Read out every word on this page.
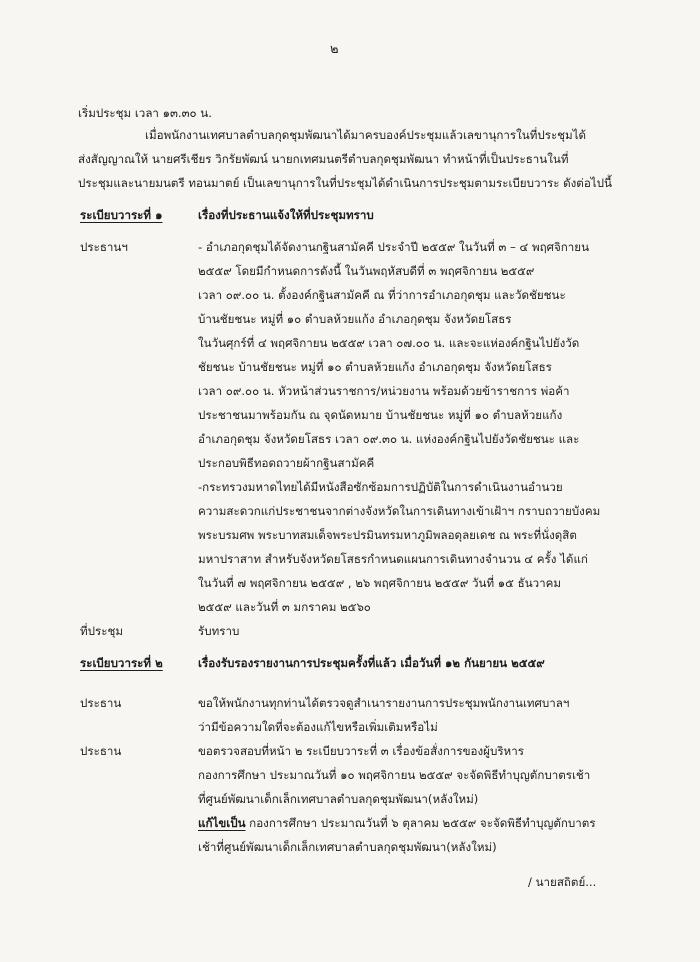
๒
เริ่มประชุม เวลา ๑๓.๓๐ น.
เมื่อพนักงานเทศบาลตำบลกุดชุมพัฒนาได้มาครบองค์ประชุมแล้วเลขานุการในที่ประชุมได้
ส่งสัญญาณให้ นายศรีเชียร วิกรัยพัฒน์ นายกเทศมนตรีตำบลกุดชุมพัฒนา ทำหน้าที่เป็นประธานในที่
ประชุมและนายมนตรี ทอนมาตย์ เป็นเลขานุการในที่ประชุมได้ดำเนินการประชุมตามระเบียบวาระ ดังต่อไปนี้
ระเบียบวาระที่ ๑	เรื่องที่ประธานแจ้งให้ที่ประชุมทราบ
ประธานฯ	- อำเภอกุดชุมได้จัดงานกฐินสามัคคี ประจำปี ๒๕๕๙ ในวันที่ ๓ – ๔ พฤศจิกายน
๒๕๕๙ โดยมีกำหนดการดังนี้ ในวันพฤหัสบดีที่ ๓ พฤศจิกายน ๒๕๕๙
เวลา ๐๙.๐๐ น. ตั้งองค์กฐินสามัคคี ณ ที่ว่าการอำเภอกุดชุม และวัดชัยชนะ
บ้านชัยชนะ หมู่ที่ ๑๐ ตำบลห้วยแก้ง อำเภอกุดชุม จังหวัดยโสธร
ในวันศุกร์ที่ ๔ พฤศจิกายน ๒๕๕๙ เวลา ๐๗.๐๐ น. และจะแห่องค์กฐินไปยังวัด
ชัยชนะ บ้านชัยชนะ หมู่ที่ ๑๐ ตำบลห้วยแก้ง อำเภอกุดชุม จังหวัดยโสธร
เวลา ๐๙.๐๐ น. หัวหน้าส่วนราชการ/หน่วยงาน พร้อมด้วยข้าราชการ พ่อค้า
ประชาชนมาพร้อมกัน ณ จุดนัดหมาย บ้านชัยชนะ หมู่ที่ ๑๐ ตำบลห้วยแก้ง
อำเภอกุดชุม จังหวัดยโสธร เวลา ๐๙.๓๐ น. แห่งองค์กฐินไปยังวัดชัยชนะ และ
ประกอบพิธีทอดถวายผ้ากฐินสามัคคี
-กระทรวงมหาดไทยได้มีหนังสือซักซ้อมการปฏิบัติในการดำเนินงานอำนวย
ความสะดวกแก่ประชาชนจากต่างจังหวัดในการเดินทางเข้าเฝ้าฯ กราบถวายบังคม
พระบรมศพ พระบาทสมเด็จพระปรมินทรมหาภูมิพลอดุลยเดช ณ พระที่นั่งดุสิต
มหาปราสาท สำหรับจังหวัดยโสธรกำหนดแผนการเดินทางจำนวน ๔ ครั้ง ได้แก่
ในวันที่ ๗ พฤศจิกายน ๒๕๕๙ , ๒๖ พฤศจิกายน ๒๕๕๙ วันที่ ๑๕ ธันวาคม
๒๕๕๙ และวันที่ ๓ มกราคม ๒๕๖๐
ที่ประชุม	รับทราบ
ระเบียบวาระที่ ๒	เรื่องรับรองรายงานการประชุมครั้งที่แล้ว เมื่อวันที่ ๑๒ กันยายน ๒๕๕๙
ประธาน	ขอให้พนักงานทุกท่านได้ตรวจดูสำเนารายงานการประชุมพนักงานเทศบาลฯ
ว่ามีข้อความใดที่จะต้องแก้ไขหรือเพิ่มเติมหรือไม่
ประธาน	ขอตรวจสอบที่หน้า ๒ ระเบียบวาระที่ ๓ เรื่องข้อสั่งการของผู้บริหาร
กองการศึกษา ประมาณวันที่ ๑๐ พฤศจิกายน ๒๕๕๙ จะจัดพิธีทำบุญตักบาตรเช้า
ที่ศูนย์พัฒนาเด็กเล็กเทศบาลตำบลกุดชุมพัฒนา(หลังใหม่)
แก้ไขเป็น กองการศึกษา ประมาณวันที่ ๖ ตุลาคม ๒๕๕๙ จะจัดพิธีทำบุญตักบาตร
เช้าที่ศูนย์พัฒนาเด็กเล็กเทศบาลตำบลกุดชุมพัฒนา(หลังใหม่)
/ นายสถิตย์...
